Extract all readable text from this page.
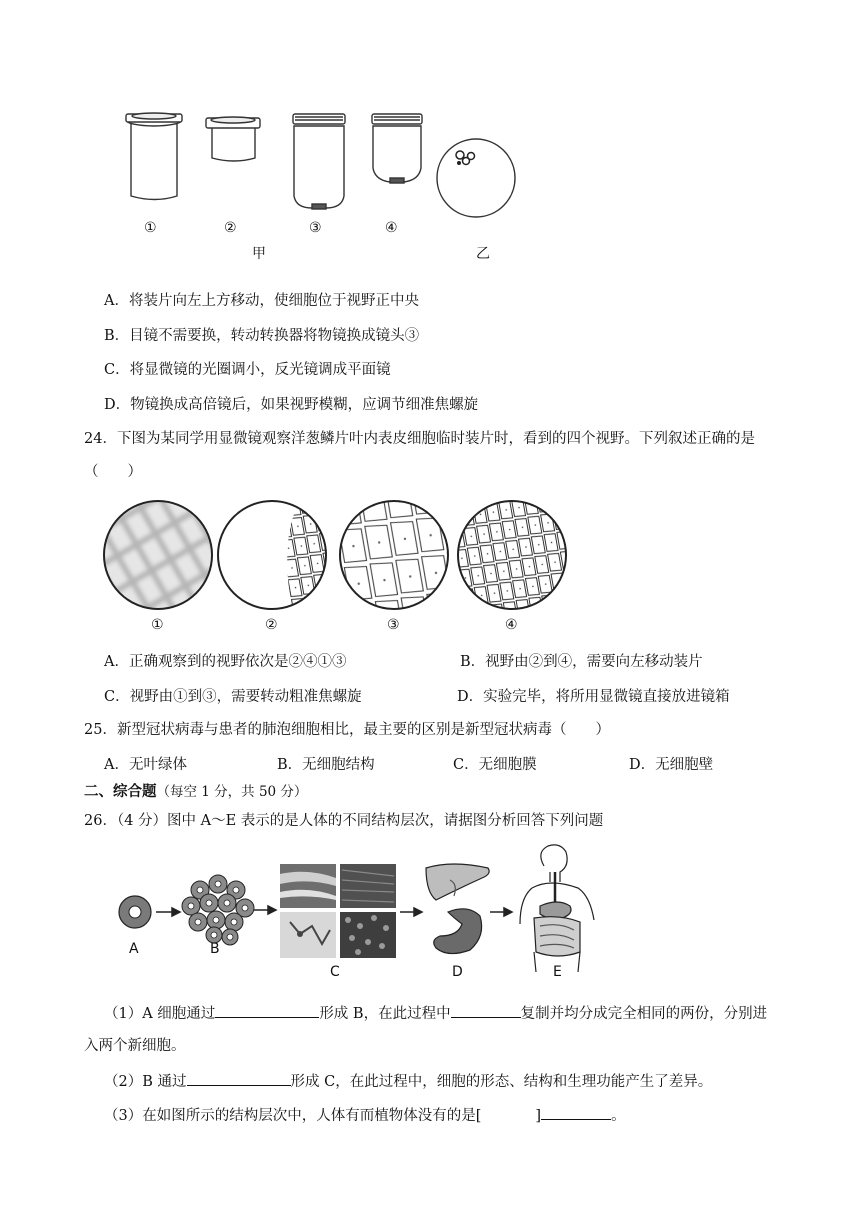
①	②	③	④
甲	乙
A．将装片向左上方移动，使细胞位于视野正中央
B．目镜不需要换，转动转换器将物镜换成镜头③
C．将显微镜的光圈调小，反光镜调成平面镜
D．物镜换成高倍镜后，如果视野模糊，应调节细准焦螺旋
24．下图为某同学用显微镜观察洋葱鳞片叶内表皮细胞临时装片时，看到的四个视野。下列叙述正确的是
（　　）
①	②	③	④
A．正确观察到的视野依次是②④①③	B．视野由②到④，需要向左移动装片
C．视野由①到③，需要转动粗准焦螺旋	D．实验完毕，将所用显微镜直接放进镜箱
25．新型冠状病毒与患者的肺泡细胞相比，最主要的区别是新型冠状病毒（　　）
A．无叶绿体	B．无细胞结构	C．无细胞膜	D．无细胞壁
二、综合题（每空 1 分，共 50 分）
26．（4 分）图中 A～E 表示的是人体的不同结构层次，请据图分析回答下列问题
A	B
C	D	E
（1）A 细胞通过	形成 B，在此过程中	复制并均分成完全相同的两份，分别进
入两个新细胞。
（2）B 通过	形成 C，在此过程中，细胞的形态、结构和生理功能产生了差异。
（3）在如图所示的结构层次中，人体有而植物体没有的是[	]	。
